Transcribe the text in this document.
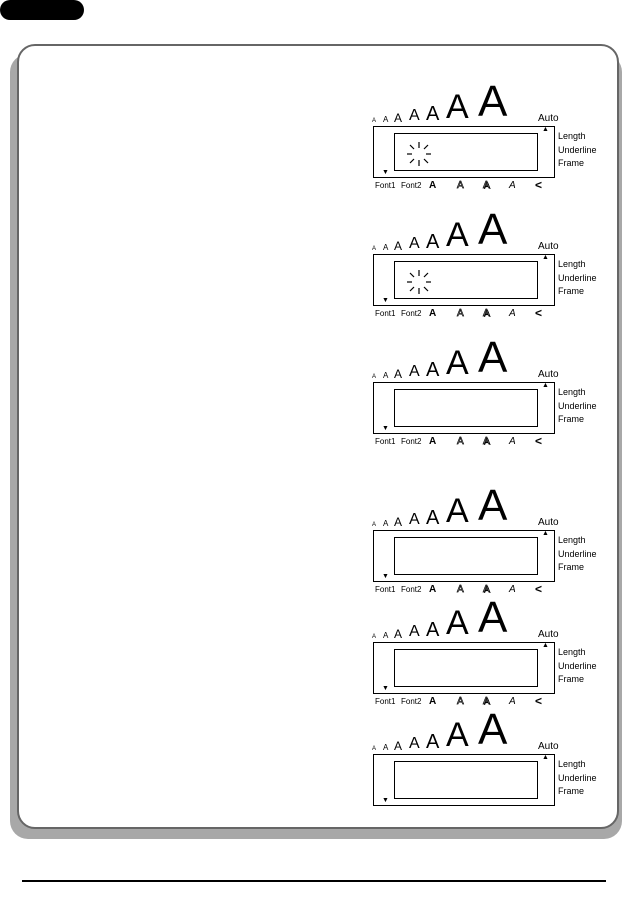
A A A A A A A	Auto
▲
▼
Length
Underline
Frame
Font1 Font2 A A A A <
A A A A A A A	Auto
▲
▼
Length
Underline
Frame
Font1 Font2 A A A A <
A A A A A A A	Auto
▲
▼
Length
Underline
Frame
Font1 Font2 A A A A <
A A A A A A A	Auto
▲
▼
Length
Underline
Frame
Font1 Font2 A A A A <
A A A A A A A	Auto
▲
▼
Length
Underline
Frame
Font1 Font2 A A A A <
A A A A A A A	Auto
▲
▼
Length
Underline
Frame
